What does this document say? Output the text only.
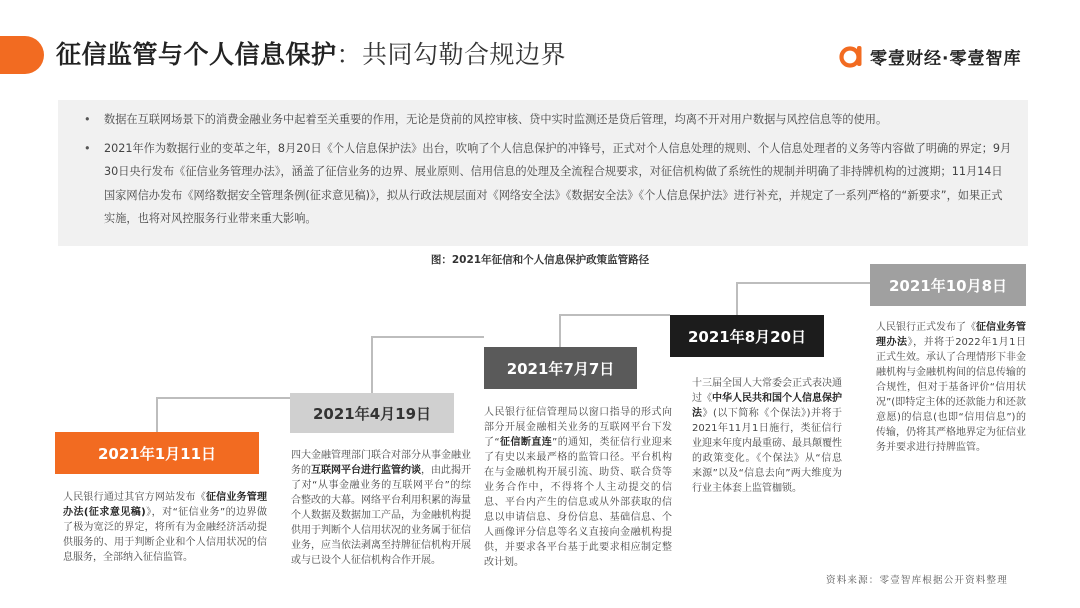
征信监管与个人信息保护：共同勾勒合规边界	零壹财经·零壹智库
• 数据在互联网场景下的消费金融业务中起着至关重要的作用，无论是贷前的风控审核、贷中实时监测还是贷后管理，均离不开对用户数据与风控信息等的使用。
• 2021年作为数据行业的变革之年，8月20日《个人信息保护法》出台，吹响了个人信息保护的冲锋号，正式对个人信息处理的规则、个人信息处理者的义务等内容做了明确的界定；9月30日央行发布《征信业务管理办法》，涵盖了征信业务的边界、展业原则、信用信息的处理及全流程合规要求，对征信机构做了系统性的规制并明确了非持牌机构的过渡期；11月14日国家网信办发布《网络数据安全管理条例(征求意见稿)》，拟从行政法规层面对《网络安全法》《数据安全法》《个人信息保护法》进行补充，并规定了一系列严格的“新要求”，如果正式实施，也将对风控服务行业带来重大影响。
图：2021年征信和个人信息保护政策监管路径
2021年1月11日
2021年4月19日
2021年7月7日
2021年8月20日
2021年10月8日
人民银行通过其官方网站发布《征信业务管理办法(征求意见稿)》，对“征信业务”的边界做了极为宽泛的界定，将所有为金融经济活动提供服务的、用于判断企业和个人信用状况的信息服务，全部纳入征信监管。
四大金融管理部门联合对部分从事金融业务的互联网平台进行监管约谈，由此揭开了对“从事金融业务的互联网平台”的综合整改的大幕。网络平台利用积累的海量个人数据及数据加工产品，为金融机构提供用于判断个人信用状况的业务属于征信业务，应当依法剥离至持牌征信机构开展或与已设个人征信机构合作开展。
人民银行征信管理局以窗口指导的形式向部分开展金融相关业务的互联网平台下发了“征信断直连”的通知，类征信行业迎来了有史以来最严格的监管口径。平台机构在与金融机构开展引流、助贷、联合贷等业务合作中，不得将个人主动提交的信息、平台内产生的信息或从外部获取的信息以申请信息、身份信息、基础信息、个人画像评分信息等名义直接向金融机构提供，并要求各平台基于此要求相应制定整改计划。
十三届全国人大常委会正式表决通过《中华人民共和国个人信息保护法》(以下简称《个保法》)并将于2021年11月1日施行，类征信行业迎来年度内最重磅、最具颠覆性的政策变化。《个保法》从“信息来源”以及“信息去向”两大维度为行业主体套上监管枷锁。
人民银行正式发布了《征信业务管理办法》，并将于2022年1月1日正式生效。承认了合理情形下非金融机构与金融机构间的信息传输的合规性，但对于基备评价“信用状况”(即特定主体的还款能力和还款意愿)的信息(也即“信用信息”)的传输，仍将其严格地界定为征信业务并要求进行持牌监管。
资料来源：零壹智库根据公开资料整理
